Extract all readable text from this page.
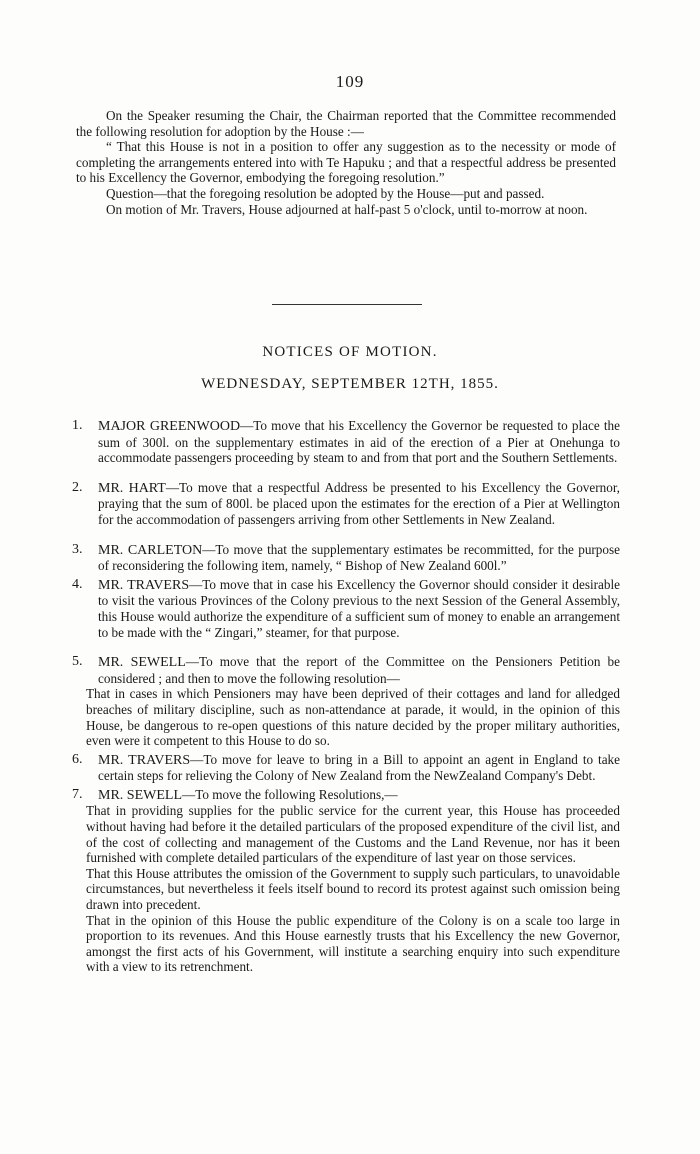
109

On the Speaker resuming the Chair, the Chairman reported that the Committee recommended the following resolution for adoption by the House :—

“ That this House is not in a position to offer any suggestion as to the necessity or mode of completing the arrangements entered into with Te Hapuku ; and that a respectful address be presented to his Excellency the Governor, embodying the foregoing resolution.”

Question—that the foregoing resolution be adopted by the House—put and passed.

On motion of Mr. Travers, House adjourned at half-past 5 o'clock, until to-morrow at noon.

NOTICES OF MOTION.
WEDNESDAY, SEPTEMBER 12TH, 1855.
1. MAJOR GREENWOOD—To move that his Excellency the Governor be requested to place the sum of 300l. on the supplementary estimates in aid of the erection of a Pier at Onehunga to accommodate passengers proceeding by steam to and from that port and the Southern Settlements.

2. MR. HART—To move that a respectful Address be presented to his Excellency the Governor, praying that the sum of 800l. be placed upon the estimates for the erection of a Pier at Wellington for the accommodation of passengers arriving from other Settlements in New Zealand.

3. MR. CARLETON—To move that the supplementary estimates be recommitted, for the purpose of reconsidering the following item, namely, “ Bishop of New Zealand 600l.”

4. MR. TRAVERS—To move that in case his Excellency the Governor should consider it desirable to visit the various Provinces of the Colony previous to the next Session of the General Assembly, this House would authorize the expenditure of a sufficient sum of money to enable an arrangement to be made with the “ Zingari,” steamer, for that purpose.

5. MR. SEWELL—To move that the report of the Committee on the Pensioners Petition be considered ; and then to move the following resolution—

That in cases in which Pensioners may have been deprived of their cottages and land for alledged breaches of military discipline, such as non-attendance at parade, it would, in the opinion of this House, be dangerous to re-open questions of this nature decided by the proper military authorities, even were it competent to this House to do so.

6. MR. TRAVERS—To move for leave to bring in a Bill to appoint an agent in England to take certain steps for relieving the Colony of New Zealand from the NewZealand Company's Debt.

7. MR. SEWELL—To move the following Resolutions,—

That in providing supplies for the public service for the current year, this House has proceeded without having had before it the detailed particulars of the proposed expenditure of the civil list, and of the cost of collecting and management of the Customs and the Land Revenue, nor has it been furnished with complete detailed particulars of the expenditure of last year on those services.

That this House attributes the omission of the Government to supply such particulars, to unavoidable circumstances, but nevertheless it feels itself bound to record its protest against such omission being drawn into precedent.

That in the opinion of this House the public expenditure of the Colony is on a scale too large in proportion to its revenues. And this House earnestly trusts that his Excellency the new Governor, amongst the first acts of his Government, will institute a searching enquiry into such expenditure with a view to its retrenchment.
